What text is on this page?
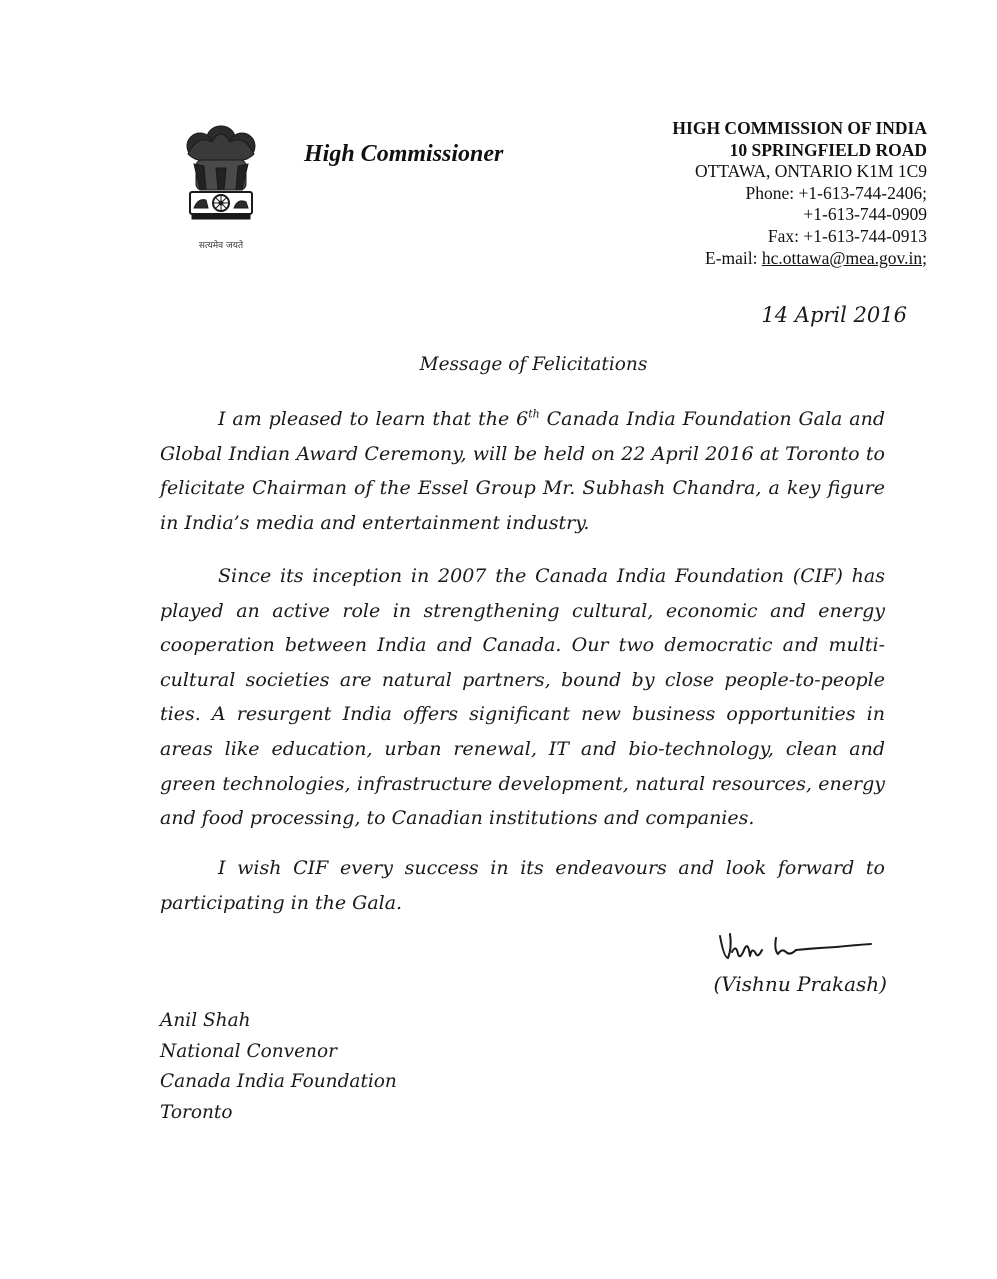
सत्यमेव जयते
High Commissioner
HIGH COMMISSION OF INDIA
10 SPRINGFIELD ROAD
OTTAWA, ONTARIO K1M 1C9
Phone: +1-613-744-2406;
+1-613-744-0909
Fax: +1-613-744-0913
E-mail: hc.ottawa@mea.gov.in;
14 April 2016
Message of Felicitations

I am pleased to learn that the 6th Canada India Foundation Gala and Global Indian Award Ceremony, will be held on 22 April 2016 at Toronto to felicitate Chairman of the Essel Group Mr. Subhash Chandra, a key figure in India’s media and entertainment industry.

Since its inception in 2007 the Canada India Foundation (CIF) has played an active role in strengthening cultural, economic and energy cooperation between India and Canada. Our two democratic and multi-cultural societies are natural partners, bound by close people-to-people ties. A resurgent India offers significant new business opportunities in areas like education, urban renewal, IT and bio-technology, clean and green technologies, infrastructure development, natural resources, energy and food processing, to Canadian institutions and companies.

I wish CIF every success in its endeavours and look forward to participating in the Gala.

(Vishnu Prakash)
Anil Shah
National Convenor
Canada India Foundation
Toronto
